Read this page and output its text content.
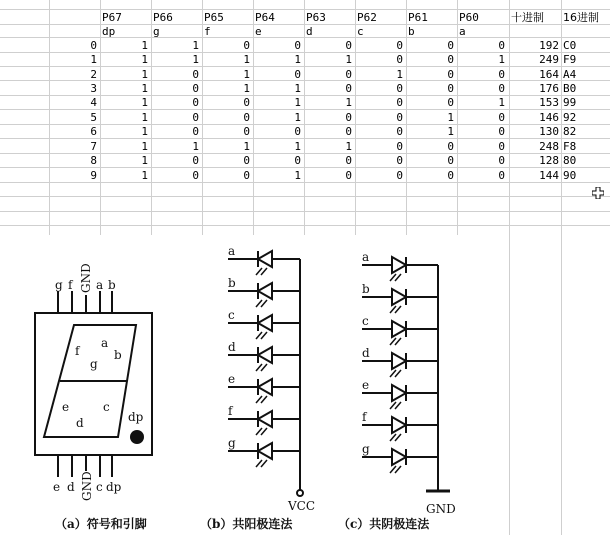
P67	P66	P65	P64	P63	P62	P61	P60	十进制 16进制
dp	g	f	e	d	c	b	a
0	1	1	0	0	0	0	0	0	192 C0
1	1	1	1	1	1	0	0	1	249 F9
2	1	0	1	0	0	1	0	0	164 A4
3	1	0	1	1	0	0	0	0	176 B0
4	1	0	0	1	1	0	0	1	153 99
5	1	0	0	1	0	0	1	0	146 92
6	1	0	0	0	0	0	1	0	130 82
7	1	1	1	1	1	0	0	0	248 F8
8	1	0	0	0	0	0	0	0	128 80
9	1	0	0	1	0	0	0	0	144 90
g f GND a b
e d GND c dp
a
f	b
g
e	c
d	dp
a
b
c
d
e
f
g
a
b
c
d
e
f
g
VCC	GND
（a）符号和引脚	（b）共阳极连法	（c）共阴极连法
